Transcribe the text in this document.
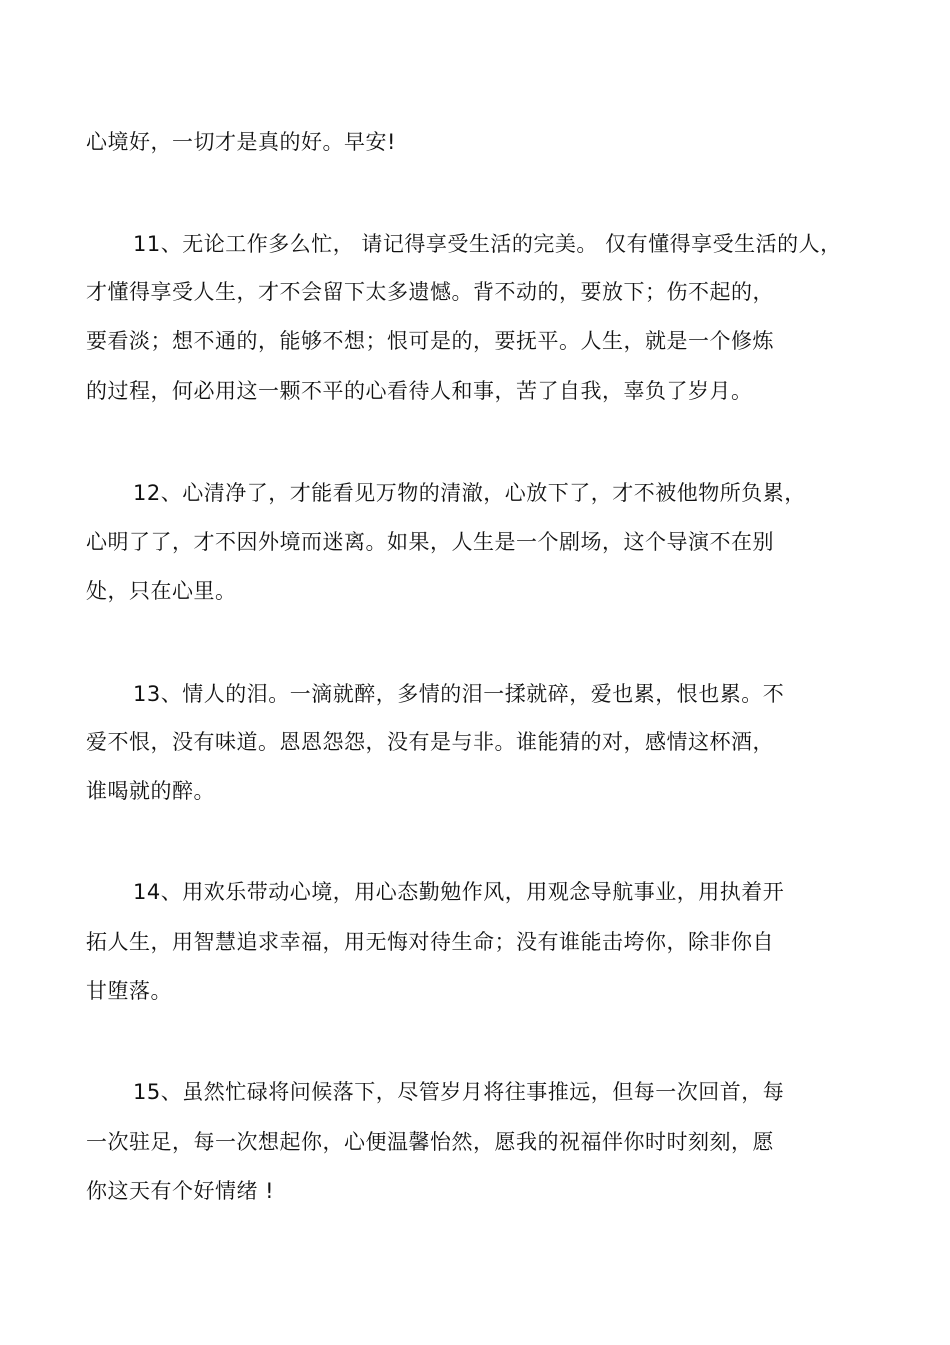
心境好，一切才是真的好。早安!
11、无论工作多么忙， 请记得享受生活的完美。 仅有懂得享受生活的人，
才懂得享受人生，才不会留下太多遗憾。背不动的，要放下；伤不起的，
要看淡；想不通的，能够不想；恨可是的，要抚平。人生，就是一个修炼
的过程，何必用这一颗不平的心看待人和事，苦了自我，辜负了岁月。
12、心清净了，才能看见万物的清澈，心放下了，才不被他物所负累，
心明了了，才不因外境而迷离。如果，人生是一个剧场，这个导演不在别
处，只在心里。
13、情人的泪。一滴就醉，多情的泪一揉就碎，爱也累，恨也累。不
爱不恨，没有味道。恩恩怨怨，没有是与非。谁能猜的对，感情这杯酒，
谁喝就的醉。
14、用欢乐带动心境，用心态勤勉作风，用观念导航事业，用执着开
拓人生，用智慧追求幸福，用无悔对待生命；没有谁能击垮你，除非你自
甘堕落。
15、虽然忙碌将问候落下，尽管岁月将往事推远，但每一次回首，每
一次驻足，每一次想起你，心便温馨怡然，愿我的祝福伴你时时刻刻，愿
你这天有个好情绪 !
